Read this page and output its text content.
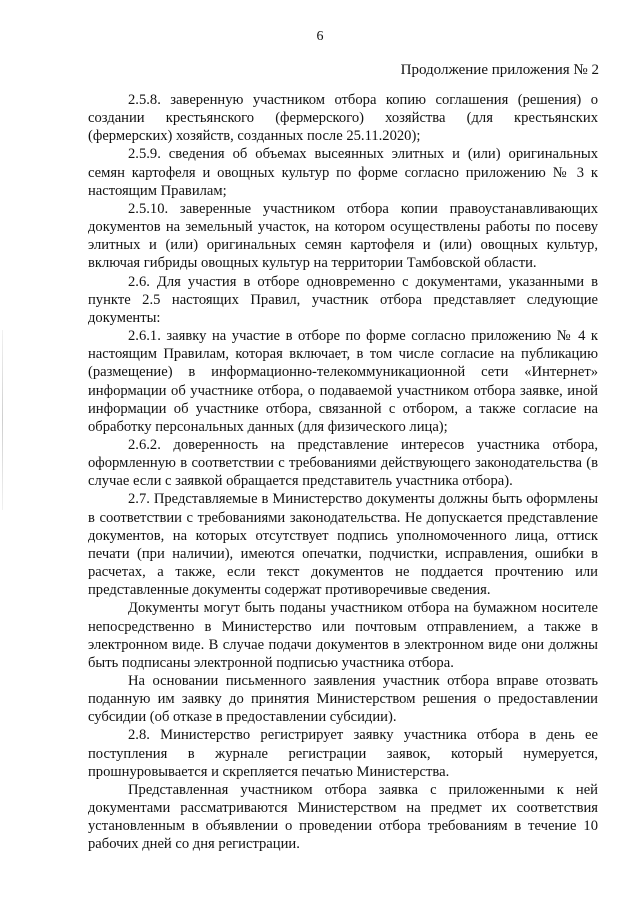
6
Продолжение приложения № 2

2.5.8. заверенную участником отбора копию соглашения (решения) о создании крестьянского (фермерского) хозяйства (для крестьянских (фермерских) хозяйств, созданных после 25.11.2020);

2.5.9. сведения об объемах высеянных элитных и (или) оригинальных семян картофеля и овощных культур по форме согласно приложению № 3 к настоящим Правилам;

2.5.10. заверенные участником отбора копии правоустанавливающих документов на земельный участок, на котором осуществлены работы по посеву элитных и (или) оригинальных семян картофеля и (или) овощных культур, включая гибриды овощных культур на территории Тамбовской области.

2.6. Для участия в отборе одновременно с документами, указанными в пункте 2.5 настоящих Правил, участник отбора представляет следующие документы:

2.6.1. заявку на участие в отборе по форме согласно приложению № 4 к настоящим Правилам, которая включает, в том числе согласие на публикацию (размещение) в информационно-телекоммуникационной сети «Интернет» информации об участнике отбора, о подаваемой участником отбора заявке, иной информации об участнике отбора, связанной с отбором, а также согласие на обработку персональных данных (для физического лица);

2.6.2. доверенность на представление интересов участника отбора, оформленную в соответствии с требованиями действующего законодательства (в случае если с заявкой обращается представитель участника отбора).

2.7. Представляемые в Министерство документы должны быть оформлены в соответствии с требованиями законодательства. Не допускается представление документов, на которых отсутствует подпись уполномоченного лица, оттиск печати (при наличии), имеются опечатки, подчистки, исправления, ошибки в расчетах, а также, если текст документов не поддается прочтению или представленные документы содержат противоречивые сведения.

Документы могут быть поданы участником отбора на бумажном носителе непосредственно в Министерство или почтовым отправлением, а также в электронном виде. В случае подачи документов в электронном виде они должны быть подписаны электронной подписью участника отбора.

На основании письменного заявления участник отбора вправе отозвать поданную им заявку до принятия Министерством решения о предоставлении субсидии (об отказе в предоставлении субсидии).

2.8. Министерство регистрирует заявку участника отбора в день ее поступления в журнале регистрации заявок, который нумеруется, прошнуровывается и скрепляется печатью Министерства.

Представленная участником отбора заявка с приложенными к ней документами рассматриваются Министерством на предмет их соответствия установленным в объявлении о проведении отбора требованиям в течение 10 рабочих дней со дня регистрации.
